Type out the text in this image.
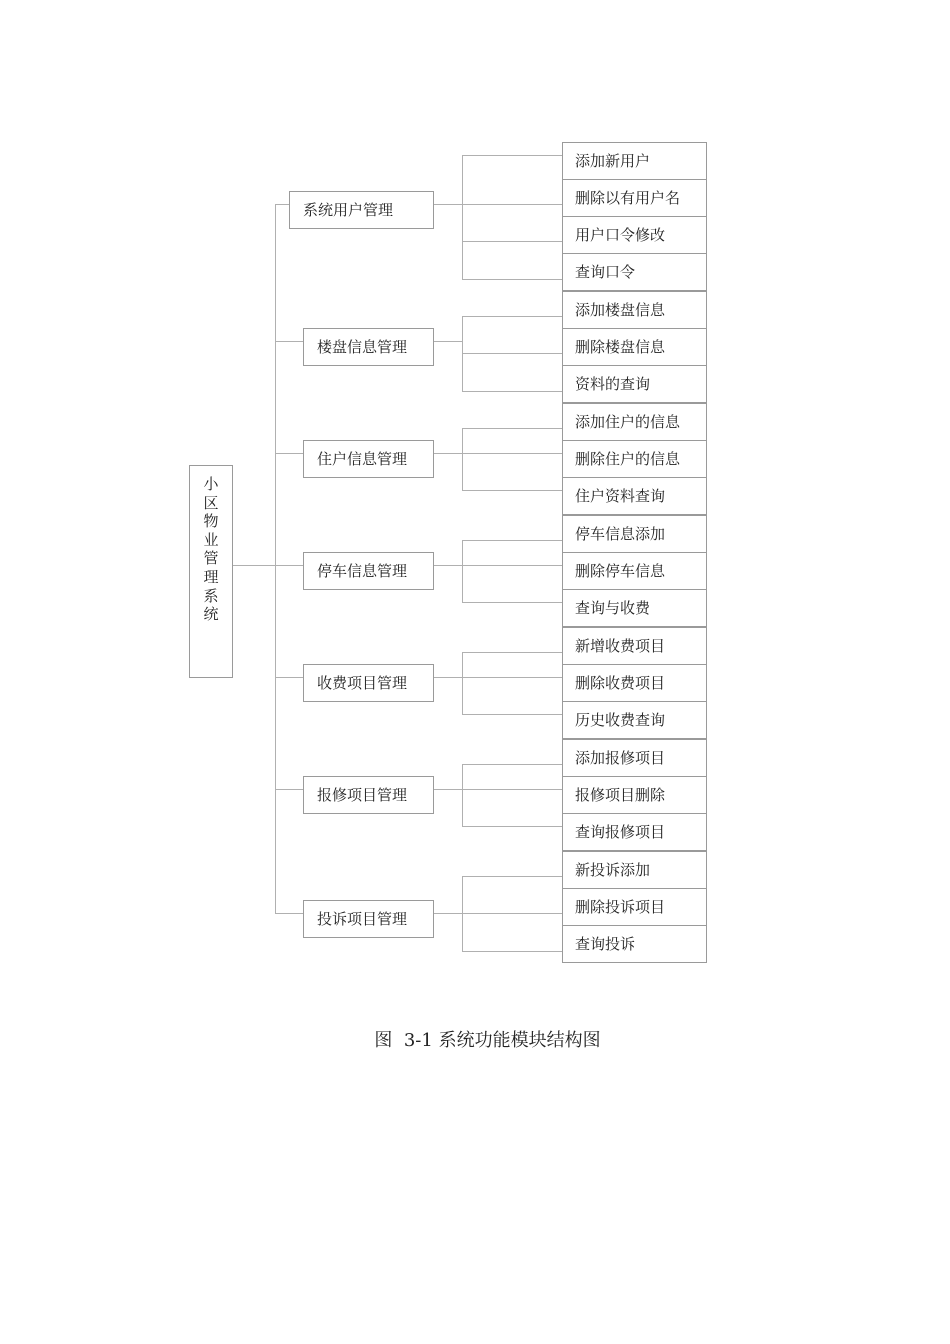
小区物业管理系统
系统用户管理
楼盘信息管理
住户信息管理
停车信息管理
收费项目管理
报修项目管理
投诉项目管理
添加新用户
删除以有用户名
用户口令修改
查询口令
添加楼盘信息
删除楼盘信息
资料的查询
添加住户的信息
删除住户的信息
住户资料查询
停车信息添加
删除停车信息
查询与收费
新增收费项目
删除收费项目
历史收费查询
添加报修项目
报修项目删除
查询报修项目
新投诉添加
删除投诉项目
查询投诉
图 3-1 系统功能模块结构图
